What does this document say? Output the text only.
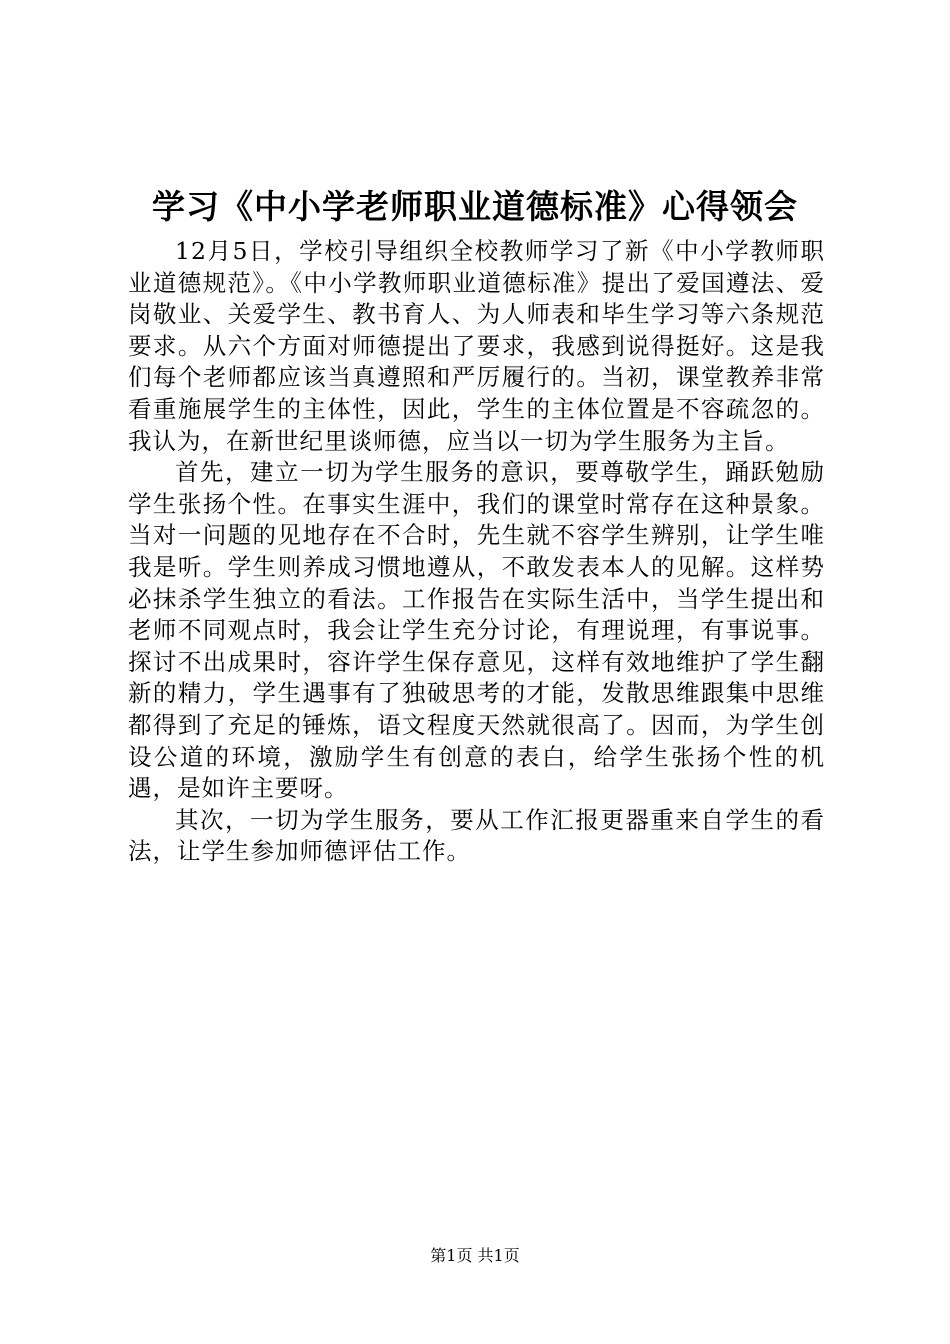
学习《中小学老师职业道德标准》心得领会

12月5日，学校引导组织全校教师学习了新《中小学教师职业道德规范》。《中小学教师职业道德标准》提出了爱国遵法、爱岗敬业、关爱学生、教书育人、为人师表和毕生学习等六条规范要求。从六个方面对师德提出了要求，我感到说得挺好。这是我们每个老师都应该当真遵照和严厉履行的。当初，课堂教养非常看重施展学生的主体性，因此，学生的主体位置是不容疏忽的。我认为，在新世纪里谈师德，应当以一切为学生服务为主旨。

首先，建立一切为学生服务的意识，要尊敬学生，踊跃勉励学生张扬个性。在事实生涯中，我们的课堂时常存在这种景象。当对一问题的见地存在不合时，先生就不容学生辨别，让学生唯我是听。学生则养成习惯地遵从，不敢发表本人的见解。这样势必抹杀学生独立的看法。工作报告在实际生活中，当学生提出和老师不同观点时，我会让学生充分讨论，有理说理，有事说事。探讨不出成果时，容许学生保存意见，这样有效地维护了学生翻新的精力，学生遇事有了独破思考的才能，发散思维跟集中思维都得到了充足的锤炼，语文程度天然就很高了。因而，为学生创设公道的环境，激励学生有创意的表白，给学生张扬个性的机遇，是如许主要呀。

其次，一切为学生服务，要从工作汇报更器重来自学生的看法，让学生参加师德评估工作。

第1页 共1页
